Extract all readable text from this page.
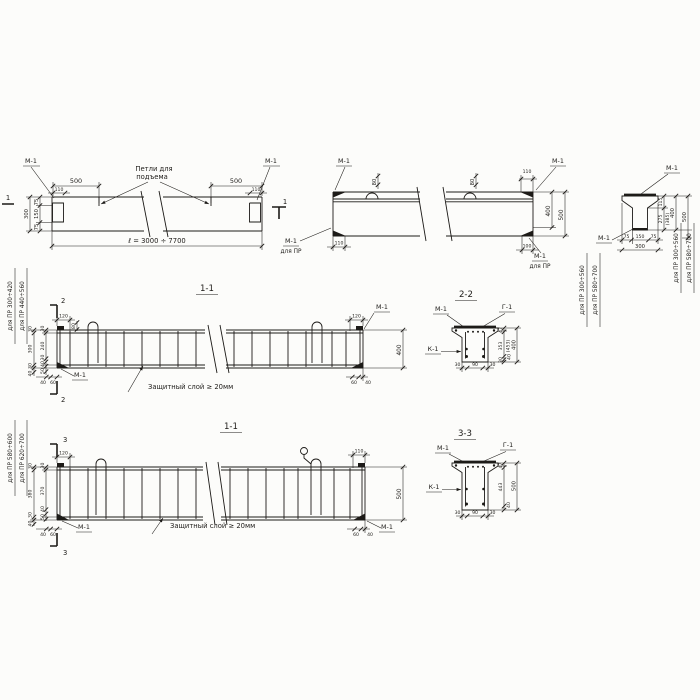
М-1	М-1
500	500
Петли для
подъема
110	110
75
150
75
300
ℓ = 3000 ÷ 7700
1	1
М-1	М-1
80	80
110
110
100
400 500
М-1
для ПР	М-1
для ПР	для ПР 300÷560 для ПР 580÷700
М-1
М-1	75 150 75
300
115
275 (385) 400 500
для ПР 300÷560 для ПР 580÷700
1-1
2
2
120
80
30
300
30
40
30
240
30
40
50
для ПР 300÷420 для ПР 440÷560	120
М-1
400
60 40
40 60
М-1
Защитный слой ≥ 20мм
2-2
М-1	Г-1
К-1
30	90	30
47
353 (453)
40
30
400
1-1
3
3
120
30
380
30
40
30
370
40
50
для ПР 580÷600 для ПР 620÷700	110
500
60 40
40 60
М-1	М-1
Защитный слой ≥ 20мм
3-3
М-1	Г-1
К-1
30	90	30
47
443
40
500
